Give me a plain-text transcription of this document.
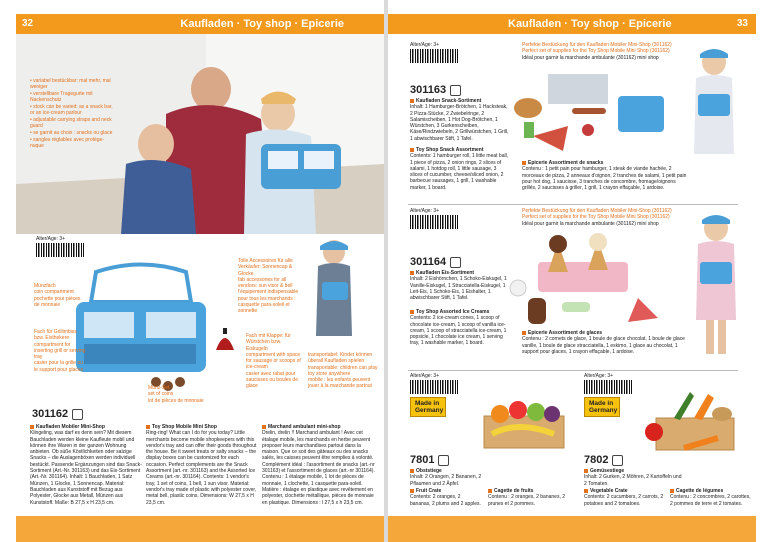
32	Kaufladen · Toy shop · Epicerie
• variabel bestückbar: mal mehr, mal weniger
• verstellbare Tragegurte mit Nackenschutz
• stock can be varied: as a snack bar, or an ice-cream parlour
• adjustable carrying straps and neck guard
• se garnit au choix : snacks ou glace
• sangles réglables avec protège-nuque
Alter/Age: 3+
Münzfach
coin compartment
pochette pour pièces de monnaie
Fach für Grillimbiss bzw. Eisthekere
compartment for inserting grill or serving tray
casier pour la grille ou le support pour glaces
Tolle Accessoires für alle Verkäufer: Sonnencap & Glocke
fab accessories for all vendors: sun visor & bell
l'équipement indispensable pour tous les marchands : casquette para-soleil et sonnette
Fach mit Klappe: für Würstchen bzw. Eiskugeln
compartment with space for sausage or scoops of ice-cream
casier avec rabat pour saucisses ou boules de glace
Münz-Set
set of coins
lot de pièces de monnaie
transportabel: Kinder können überall Kaufladen spielen
transportable: children can play toy store anywhere
mobile : les enfants peuvent jouer à la marchande partout
301162
Kaufladen Mobiler Mini-Shop
Klingeling, was darf es denn sein? Mit diesem Bauchladen werden kleine Kaufleute mobil und können ihre Waren in der ganzen Wohnung anbieten. Ob süße Köstlichkeiten oder salzige Snacks – die Auslagenböxen werden individuell bestückt. Passende Ergänzungen sind das Snack-Sortiment (Art.-Nr. 301163) und das Eis-Sortiment (Art.-Nr. 301164). Inhalt: 1 Bauchladen, 1 Satz Münzen, 1 Glocke, 1 Sonnencap. Material: Bauchladen aus Kunststoff mit Bezug aus Polyester, Glocke aus Metall, Münzen aus Kunststoff. Maße: B 27,5 x H 23,5 cm.
Toy Shop Mobile Mini Shop
Ring-ring! What can I do for you today? Little merchants become mobile shopkeepers with this vendor's tray and can offer their goods throughout the house. Be it sweet treats or salty snacks – the display boxes can be customized for each occasion. Perfect complements are the Snack Assortment (art.-nr. 301163) and the Assorted Ice Creams (art.-nr. 301164). Contents: 1 vendor's tray, 1 set of coins, 1 bell, 1 sun visor. Material: vendor's tray made of plastic with polyester cover, metal bell, plastic coins. Dimensions: W 27,5 x H 23,5 cm.
Marchand ambulant mini-shop
Drelin, drelin !! Marchand ambulant ! Avec cet étalage mobile, les marchands en herbe peuvent proposer leurs marchandises partout dans la maison. Que ce soit des gâteaux ou des snacks salés, les caisses peuvent être remplies à volonté. Complément idéal : l'assortiment de snacks (art.-nr 301163) et l'assortiment de glaces (art.-nr 301164). Contenu : 1 étalage mobile, 1 lot de pièces de monnaie, 1 clochette, 1 casquette para-soleil. Matière : étalage en plastique avec revêtement en polyester, clochette métallique, pièces de monnaie en plastique. Dimensions : l 27,5 x h 23,5 cm.
Kaufladen · Toy shop · Epicerie	33
Alter/Age: 3+	Perfekte Bestückung für den Kaufladen Mobiler Mini-Shop (301162)
Perfect set of supplies for the Toy Shop Mobile Mini Shop (301162)
Idéal pour garnir la marchande ambulante (301162) mini shop
301163
Kaufladen Snack-Sortiment
Inhalt: 1 Hamburger-Brötchen, 1 Hacksteak, 2 Pizza-Stücke, 2 Zwiebelringe, 2 Salamischeiben, 1 Hot Dog-Brötchen, 1 Würstchen, 3 Gurkenscheiben, Käse/Rindzwiebeln, 2 Grillwürstchen, 1 Grill, 1 abwischbarer Stift, 1 Tafel.
Toy Shop Snack Assortment
Contents: 1 hamburger roll, 1 little meat ball, 1 piece of pizza, 2 onion rings, 2 slices of salami, 1 hotdog roll, 1 little sausage, 3 slices of cucumber, cheese/sliced onion, 2 barbecue sausages, 1 grill, 1 washable marker, 1 board.
Epicerie Assortiment de snacks
Contenu : 1 petit pain pour hamburger, 1 steak de viande hachée, 2 morceaux de pizza, 2 anneaux d'oignon, 2 tranches de salami, 1 petit pain pour hot dog, 1 saucisse, 3 tranches de concombre, fromage/oignons grillés, 2 saucisses à griller, 1 grill, 1 crayon effaçable, 1 ardoise.
Alter/Age: 3+	Perfekte Bestückung für den Kaufladen Mobiler Mini-Shop (301162)
Perfect set of supplies for the Toy Shop Mobile Mini Shop (301162)
Idéal pour garnir la marchande ambulante (301162) mini shop
301164
Kaufladen Eis-Sortiment
Inhalt: 2 Eishörnchen, 1 Schoko-Eiskugel, 1 Vanille-Eiskugel, 1 Stracciatella-Eiskugel, 1 Leit-Eis, 1 Schoko-Eis, 1 Eishalter, 1 abwischbarer Stift, 1 Tafel.
Toy Shop Assorted Ice Creams
Contents: 2 ice-cream cones, 1 scoop of chocolate ice-cream, 1 scoop of vanilla ice-cream, 1 scoop of stracciatella ice-cream, 1 popsicle, 1 chocolate ice cream, 1 serving tray, 1 washable marker, 1 board.
Epicerie Assortiment de glaces
Contenu : 2 cornets de glace, 1 boule de glace chocolat, 1 boule de glace vanille, 1 boule de glace stracciatella, 1 eskimo, 1 glace au chocolat, 1 support pour glaces, 1 crayon effaçable, 1 ardoise.
Alter/Age: 3+
Made in Germany
7801
Obststiege
Inhalt: 2 Orangen, 2 Bananen, 2 Pflaumen und 2 Äpfel.
Fruit Crate
Contents: 2 oranges, 2 bananas, 2 plums and 2 apples.
Cagette de fruits
Contenu : 2 oranges, 2 bananes, 2 prunes et 2 pommes.
Alter/Age: 3+
Made in Germany
7802
Gemüsestiege
Inhalt: 2 Gurken, 2 Möhren, 2 Kartoffeln und 2 Tomaten.
Vegetable Crate
Contents: 2 cucumbers, 2 carrots, 2 potatoes and 2 tomatoes.
Cagette de légumes
Contenu : 2 concombres, 2 carottes, 2 pommes de terre et 2 tomates.
